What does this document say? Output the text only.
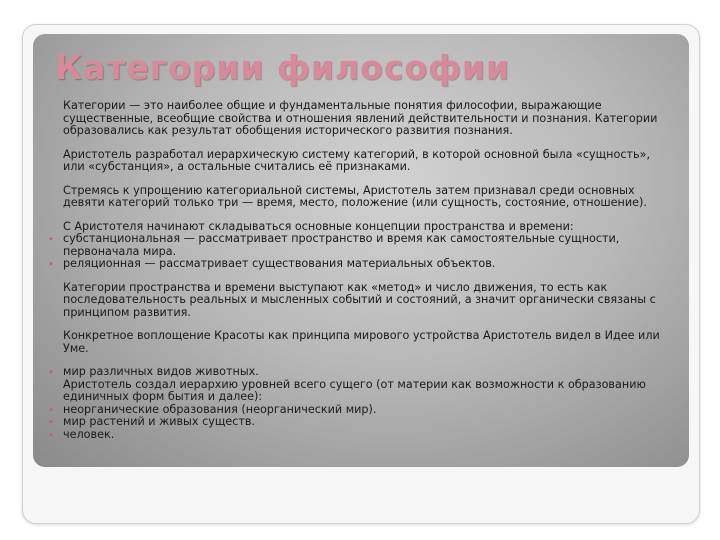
Категории философии

Категории — это наиболее общие и фундаментальные понятия философии, выражающие существенные, всеобщие свойства и отношения явлений действительности и познания. Категории образовались как результат обобщения исторического развития познания.

Аристотель разработал иерархическую систему категорий, в которой основной была «сущность», или «субстанция», а остальные считались её признаками.

Стремясь к упрощению категориальной системы, Аристотель затем признавал среди основных девяти категорий только три — время, место, положение (или сущность, состояние, отношение).

С Аристотеля начинают складываться основные концепции пространства и времени:

• субстанциональная — рассматривает пространство и время как самостоятельные сущности, первоначала мира.
• реляционная — рассматривает существования материальных объектов.

Категории пространства и времени выступают как «метод» и число движения, то есть как последовательность реальных и мысленных событий и состояний, а значит органически связаны с принципом развития.

Конкретное воплощение Красоты как принципа мирового устройства Аристотель видел в Идее или Уме.

• мир различных видов животных.

Аристотель создал иерархию уровней всего сущего (от материи как возможности к образованию единичных форм бытия и далее):

• неорганические образования (неорганический мир).
• мир растений и живых существ.
• человек.
